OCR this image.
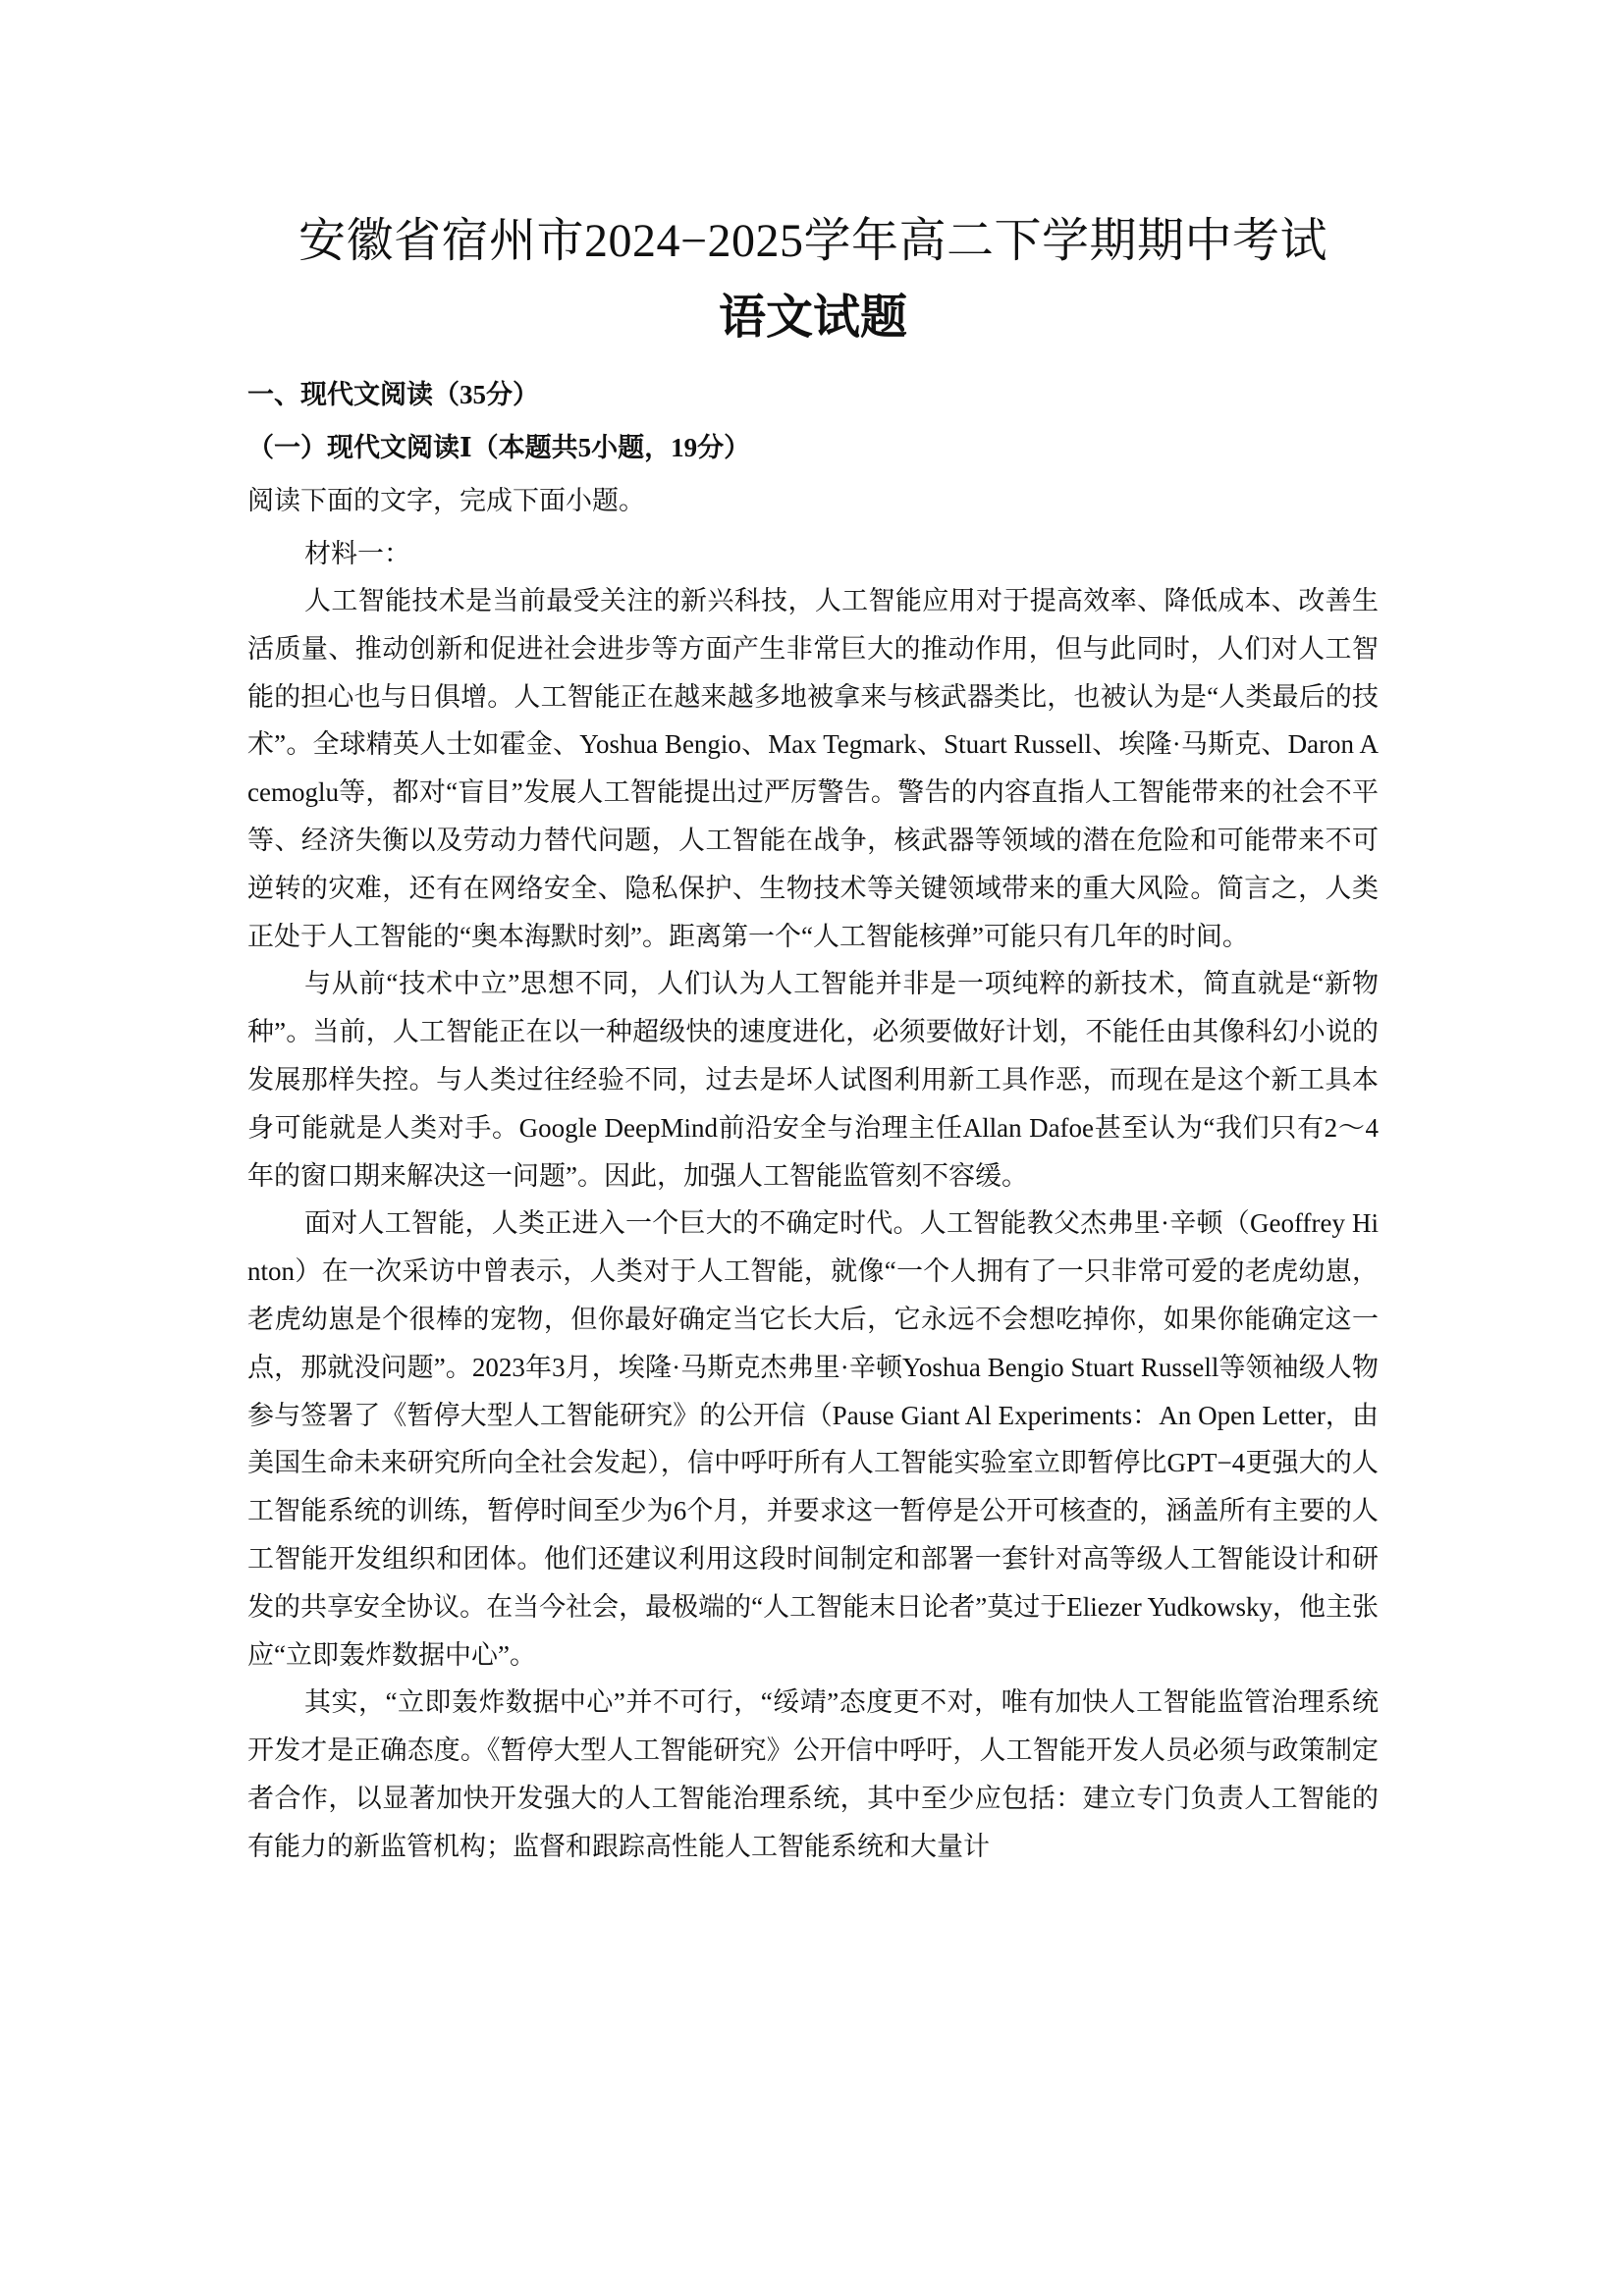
安徽省宿州市2024−2025学年高二下学期期中考试
语文试题
一、现代文阅读（35分）
（一）现代文阅读Ⅰ（本题共5小题，19分）
阅读下面的文字，完成下面小题。
材料一：

人工智能技术是当前最受关注的新兴科技，人工智能应用对于提高效率、降低成本、改善生活质量、推动创新和促进社会进步等方面产生非常巨大的推动作用，但与此同时，人们对人工智能的担心也与日俱增。人工智能正在越来越多地被拿来与核武器类比，也被认为是“人类最后的技术”。全球精英人士如霍金、Yoshua Bengio、Max Tegmark、Stuart Russell、埃隆·马斯克、Daron Acemoglu等，都对“盲目”发展人工智能提出过严厉警告。警告的内容直指人工智能带来的社会不平等、经济失衡以及劳动力替代问题，人工智能在战争，核武器等领域的潜在危险和可能带来不可逆转的灾难，还有在网络安全、隐私保护、生物技术等关键领域带来的重大风险。简言之，人类正处于人工智能的“奥本海默时刻”。距离第一个“人工智能核弹”可能只有几年的时间。

与从前“技术中立”思想不同，人们认为人工智能并非是一项纯粹的新技术，简直就是“新物种”。当前，人工智能正在以一种超级快的速度进化，必须要做好计划，不能任由其像科幻小说的发展那样失控。与人类过往经验不同，过去是坏人试图利用新工具作恶，而现在是这个新工具本身可能就是人类对手。Google DeepMind前沿安全与治理主任Allan Dafoe甚至认为“我们只有2～4年的窗口期来解决这一问题”。因此，加强人工智能监管刻不容缓。

面对人工智能，人类正进入一个巨大的不确定时代。人工智能教父杰弗里·辛顿（Geoffrey Hinton）在一次采访中曾表示，人类对于人工智能，就像“一个人拥有了一只非常可爱的老虎幼崽，老虎幼崽是个很棒的宠物，但你最好确定当它长大后，它永远不会想吃掉你，如果你能确定这一点，那就没问题”。2023年3月，埃隆·马斯克杰弗里·辛顿Yoshua Bengio Stuart Russell等领袖级人物参与签署了《暂停大型人工智能研究》的公开信（Pause Giant Al Experiments：An Open Letter，由美国生命未来研究所向全社会发起），信中呼吁所有人工智能实验室立即暂停比GPT−4更强大的人工智能系统的训练，暂停时间至少为6个月，并要求这一暂停是公开可核查的，涵盖所有主要的人工智能开发组织和团体。他们还建议利用这段时间制定和部署一套针对高等级人工智能设计和研发的共享安全协议。在当今社会，最极端的“人工智能末日论者”莫过于Eliezer Yudkowsky，他主张应“立即轰炸数据中心”。

其实，“立即轰炸数据中心”并不可行，“绥靖”态度更不对，唯有加快人工智能监管治理系统开发才是正确态度。《暂停大型人工智能研究》公开信中呼吁，人工智能开发人员必须与政策制定者合作，以显著加快开发强大的人工智能治理系统，其中至少应包括：建立专门负责人工智能的有能力的新监管机构；监督和跟踪高性能人工智能系统和大量计
